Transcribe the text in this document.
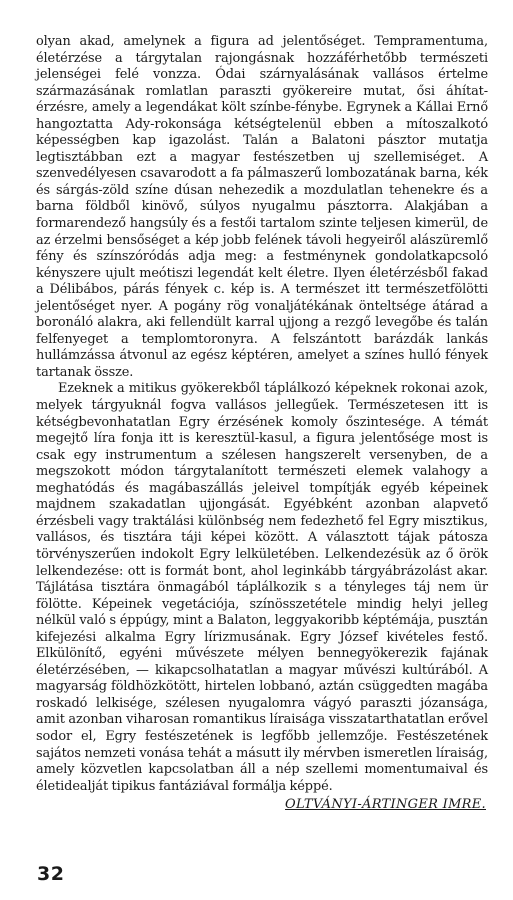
olyan akad, amelynek a figura ad jelentőséget. Tempramentuma, életérzése a tárgytalan rajongásnak hozzáférhetőbb természeti jelenségei felé vonzza. Ódai szárnyalásának vallásos értelme származásának romlatlan paraszti gyökereire mutat, ősi áhítat-érzésre, amely a legendákat költ színbe-fénybe. Egrynek a Kállai Ernő hangoztatta Ady-rokonsága kétségtelenül ebben a mítoszalkotó képességben kap igazolást. Talán a Balatoni pásztor mutatja legtisztábban ezt a magyar festészetben uj szellemiséget. A szenvedélyesen csavarodott a fa pálmaszerű lombozatának barna, kék és sárgás-zöld színe dúsan nehezedik a mozdulatlan tehenekre és a barna földből kinövő, súlyos nyugalmu pásztorra. Alakjában a formarendező hangsúly és a festői tartalom szinte teljesen kimerül, de az érzelmi bensőséget a kép jobb felének távoli hegyeiről alászüremlő fény és színszóródás adja meg: a festménynek gondolatkapcsoló kényszere ujult meótiszi legendát kelt életre. Ilyen életérzésből fakad a Délibábos, párás fények c. kép is. A természet itt természetfölötti jelentőséget nyer. A pogány rög vonaljátékának önteltsége átárad a boronáló alakra, aki fellendült karral ujjong a rezgő levegőbe és talán felfenyeget a templomtoronyra. A felszántott barázdák lankás hullámzássa átvonul az egész képtéren, amelyet a színes hulló fények tartanak össze.

Ezeknek a mitikus gyökerekből táplálkozó képeknek rokonai azok, melyek tárgyuknál fogva vallásos jellegűek. Természetesen itt is kétségbevonhatatlan Egry érzésének komoly őszintesége. A témát megejtő líra fonja itt is keresztül-kasul, a figura jelentősége most is csak egy instrumentum a szélesen hangszerelt versenyben, de a megszokott módon tárgytalanított természeti elemek valahogy a meghatódás és magábaszállás jeleivel tompítják egyéb képeinek majdnem szakadatlan ujjongását. Egyébként azonban alapvető érzésbeli vagy traktálási különbség nem fedezhető fel Egry misztikus, vallásos, és tisztára táji képei között. A választott tájak pátosza törvényszerűen indokolt Egry lelkületében. Lelkendezésük az ő örök lelkendezése: ott is formát bont, ahol leginkább tárgyábrázolást akar. Tájlátása tisztára önmagából táplálkozik s a tényleges táj nem ür fölötte. Képeinek vegetációja, színösszetétele mindig helyi jelleg nélkül való s éppúgy, mint a Balaton, leggyakoribb képtémája, pusztán kifejezési alkalma Egry lírizmusának. Egry József kivételes festő. Elkülönítő, egyéni művészete mélyen bennegyökerezik fajának életérzésében, — kikapcsolhatatlan a magyar művészi kultúrából. A magyarság földhözkötött, hirtelen lobbanó, aztán csüggedten magába roskadó lelkisége, szélesen nyugalomra vágyó paraszti józansága, amit azonban viharosan romantikus líraisága visszatarthatatlan erővel sodor el, Egry festészetének is legfőbb jellemzője. Festészetének sajátos nemzeti vonása tehát a másutt ily mérvben ismeretlen líraiság, amely közvetlen kapcsolatban áll a nép szellemi momentumaival és életidealját tipikus fantáziával formálja képpé.

OLTVÁNYI-ÁRTINGER IMRE.
32
